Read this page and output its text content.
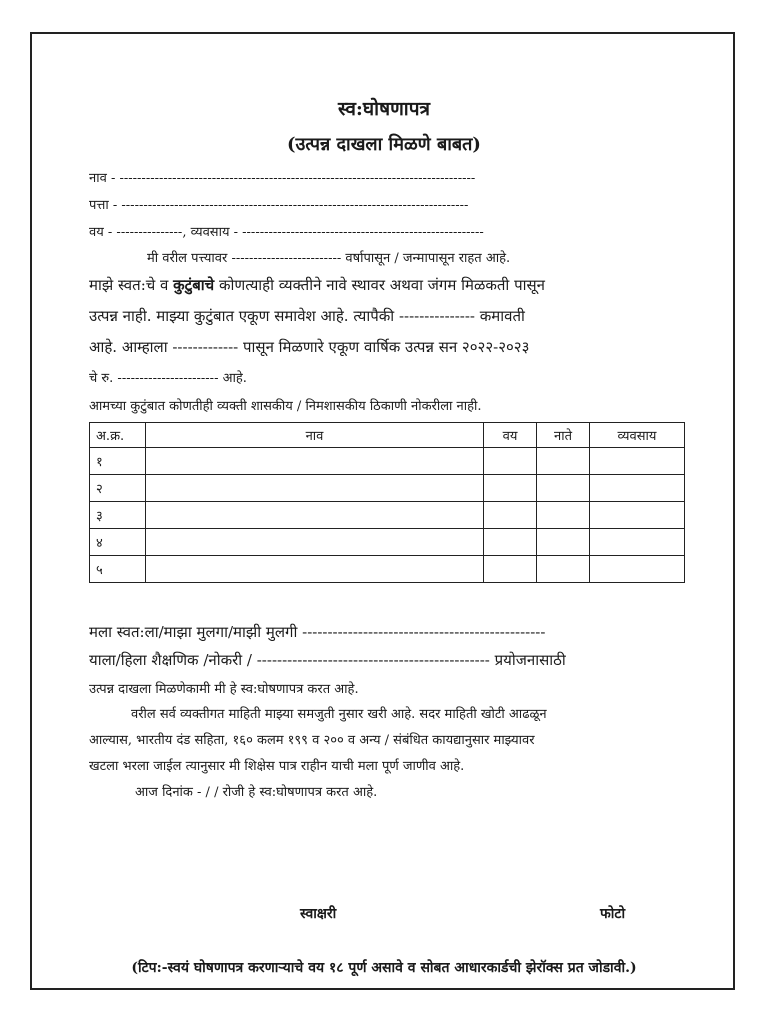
स्व:घोषणापत्र
(उत्पन्न दाखला मिळणे बाबत)
नाव - ---------------------------------------------------------------------------------
पत्ता - -------------------------------------------------------------------------------
वय - ---------------, व्यवसाय - -------------------------------------------------------
मी वरील पत्त्यावर ------------------------- वर्षापासून / जन्मापासून राहत आहे.
माझे स्वत:चे व कुटुंबाचे कोणत्याही व्यक्तीने नावे स्थावर अथवा जंगम मिळकती पासून
उत्पन्न नाही. माझ्या कुटुंबात एकूण समावेश आहे. त्यापैकी --------------- कमावती
आहे. आम्हाला ------------- पासून मिळणारे एकूण वार्षिक उत्पन्न सन २०२२-२०२३
चे रु. ----------------------- आहे.
आमच्या कुटुंबात कोणतीही व्यक्ती शासकीय / निमशासकीय ठिकाणी नोकरीला नाही.
अ.क्र.	नाव	वय	नाते	व्यवसाय
१				
२				
३				
४				
५				
मला स्वत:ला/माझा मुलगा/माझी मुलगी ------------------------------------------------
याला/हिला शैक्षणिक /नोकरी / ---------------------------------------------- प्रयोजनासाठी
उत्पन्न दाखला मिळणेकामी मी हे स्व:घोषणापत्र करत आहे.
वरील सर्व व्यक्तीगत माहिती माझ्या समजुती नुसार खरी आहे. सदर माहिती खोटी आढळून
आल्यास, भारतीय दंड सहिता, १६० कलम १९९ व २०० व अन्य / संबंधित कायद्यानुसार माझ्यावर
खटला भरला जाईल त्यानुसार मी शिक्षेस पात्र राहीन याची मला पूर्ण जाणीव आहे.
आज दिनांक - / / रोजी हे स्व:घोषणापत्र करत आहे.
स्वाक्षरी	फोटो
(टिप:-स्वयं घोषणापत्र करणाऱ्याचे वय १८ पूर्ण असावे व सोबत आधारकार्डची झेरॉक्स प्रत जोडावी.)
